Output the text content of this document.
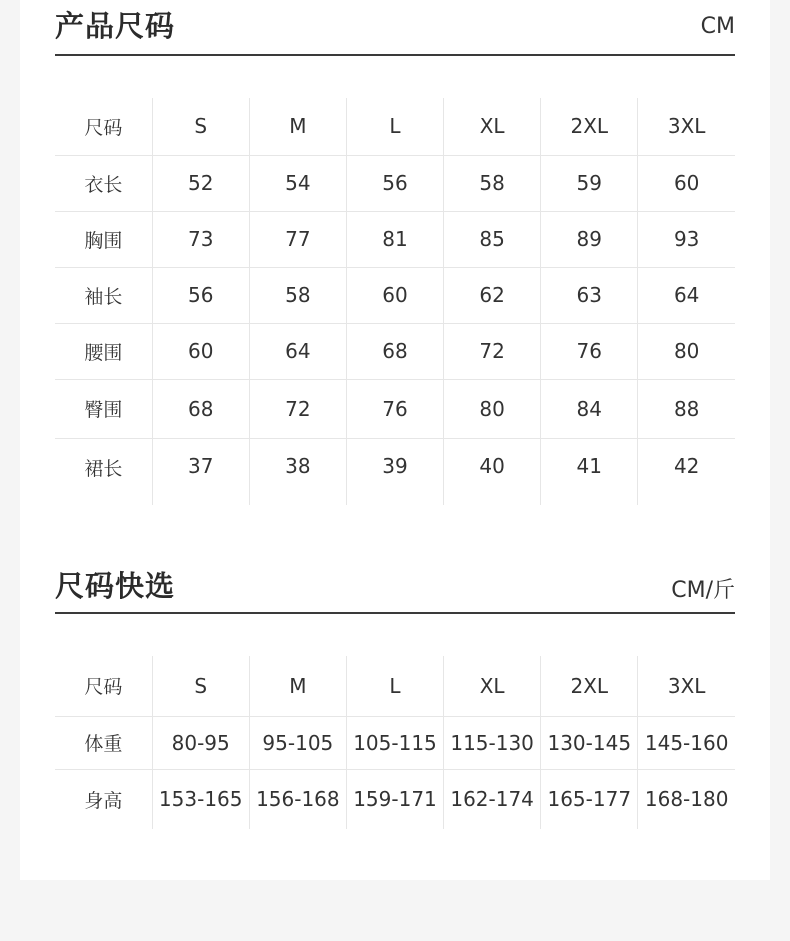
产品尺码	CM
尺码	S	M	L	XL	2XL	3XL
衣长	52	54	56	58	59	60
胸围	73	77	81	85	89	93
袖长	56	58	60	62	63	64
腰围	60	64	68	72	76	80
臀围	68	72	76	80	84	88
裙长	37	38	39	40	41	42
尺码快选	CM/斤
尺码	S	M	L	XL	2XL	3XL
体重	80-95	95-105	105-115	115-130	130-145	145-160
身高	153-165	156-168	159-171	162-174	165-177	168-180
